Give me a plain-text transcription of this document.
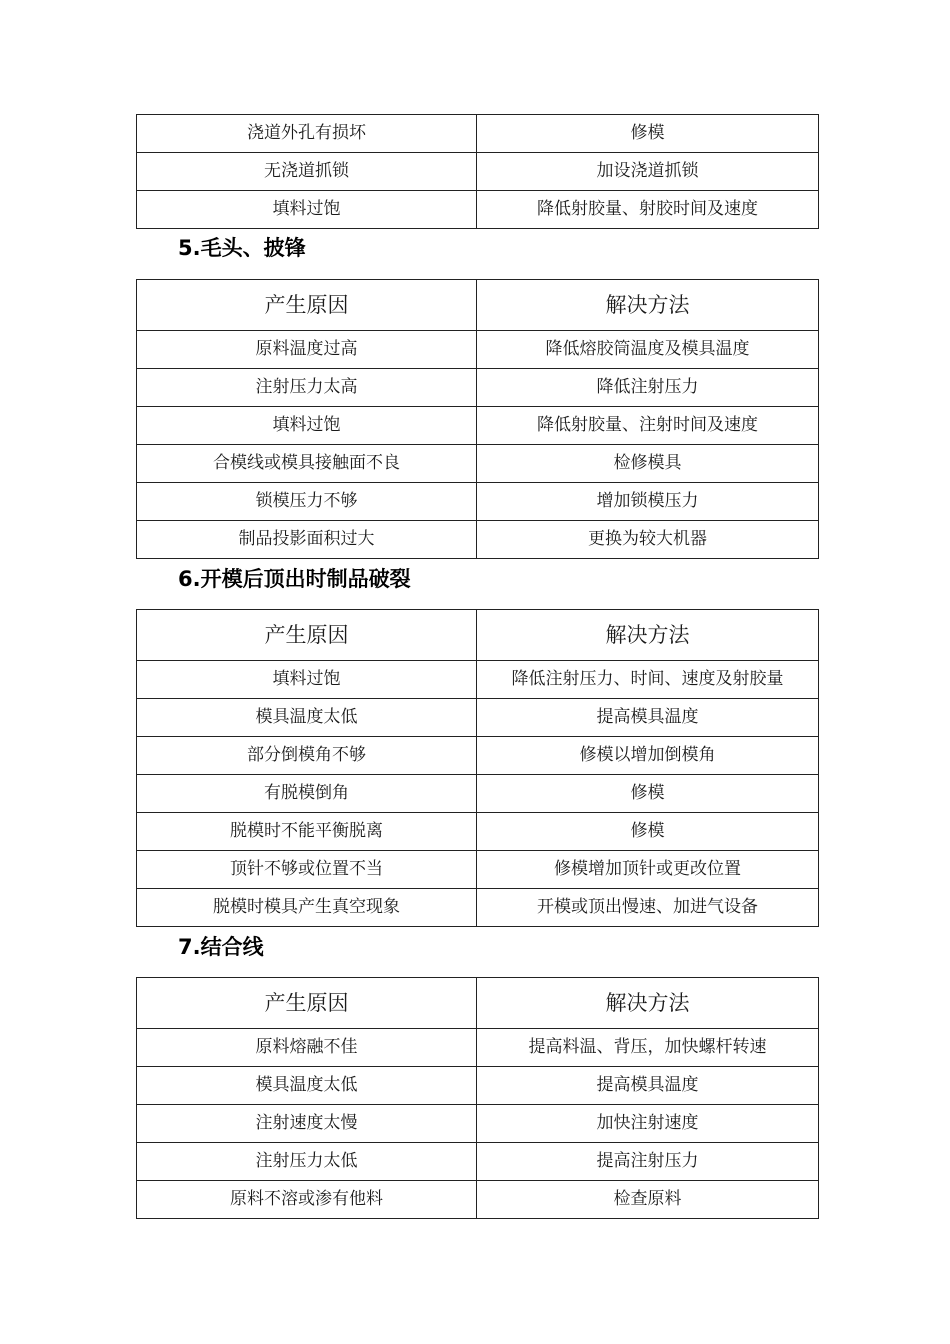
浇道外孔有损坏	修模
无浇道抓锁	加设浇道抓锁
填料过饱	降低射胶量、射胶时间及速度
5.毛头、披锋
产生原因	解决方法
原料温度过高	降低熔胶筒温度及模具温度
注射压力太高	降低注射压力
填料过饱	降低射胶量、注射时间及速度
合模线或模具接触面不良	检修模具
锁模压力不够	增加锁模压力
制品投影面积过大	更换为较大机器
6.开模后顶出时制品破裂
产生原因	解决方法
填料过饱	降低注射压力、时间、速度及射胶量
模具温度太低	提高模具温度
部分倒模角不够	修模以增加倒模角
有脱模倒角	修模
脱模时不能平衡脱离	修模
顶针不够或位置不当	修模增加顶针或更改位置
脱模时模具产生真空现象	开模或顶出慢速、加进气设备
7.结合线
产生原因	解决方法
原料熔融不佳	提高料温、背压，加快螺杆转速
模具温度太低	提高模具温度
注射速度太慢	加快注射速度
注射压力太低	提高注射压力
原料不溶或渗有他料	检查原料
